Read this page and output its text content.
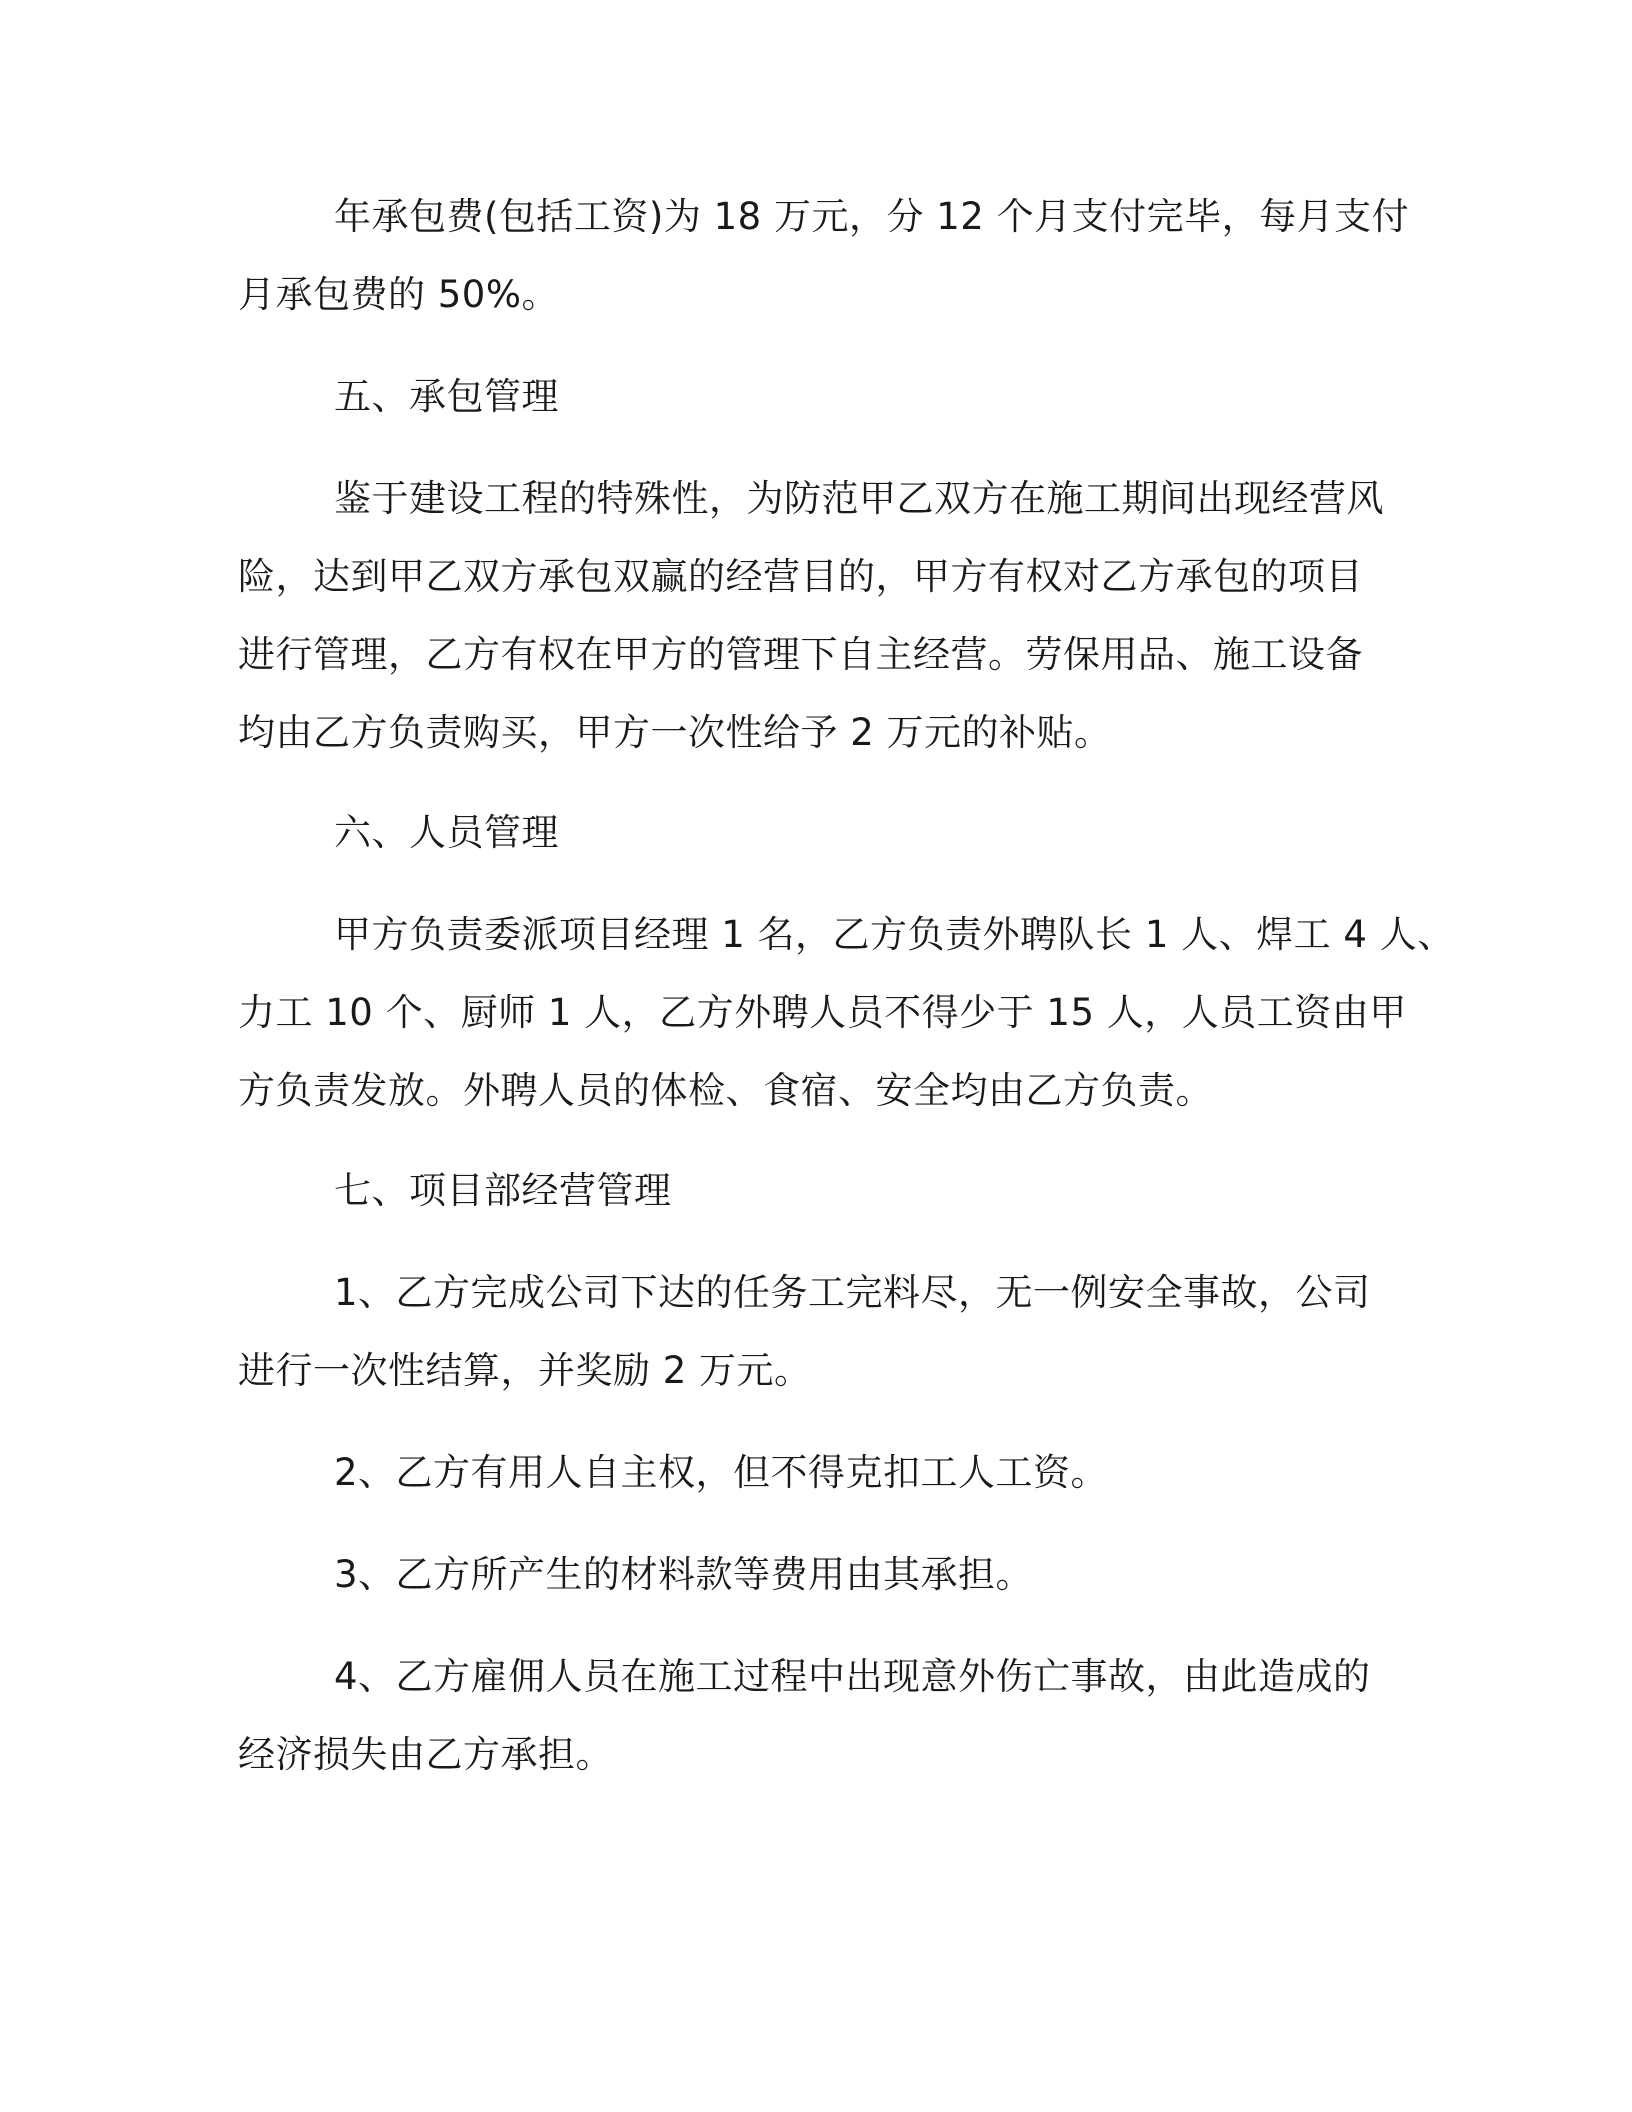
年承包费(包括工资)为 18 万元，分 12 个月支付完毕，每月支付
月承包费的 50%。
五、承包管理
鉴于建设工程的特殊性，为防范甲乙双方在施工期间出现经营风
险，达到甲乙双方承包双赢的经营目的，甲方有权对乙方承包的项目
进行管理，乙方有权在甲方的管理下自主经营。劳保用品、施工设备
均由乙方负责购买，甲方一次性给予 2 万元的补贴。
六、人员管理
甲方负责委派项目经理 1 名，乙方负责外聘队长 1 人、焊工 4 人、
力工 10 个、厨师 1 人，乙方外聘人员不得少于 15 人，人员工资由甲
方负责发放。外聘人员的体检、食宿、安全均由乙方负责。
七、项目部经营管理
1、乙方完成公司下达的任务工完料尽，无一例安全事故，公司
进行一次性结算，并奖励 2 万元。
2、乙方有用人自主权，但不得克扣工人工资。
3、乙方所产生的材料款等费用由其承担。
4、乙方雇佣人员在施工过程中出现意外伤亡事故，由此造成的
经济损失由乙方承担。
